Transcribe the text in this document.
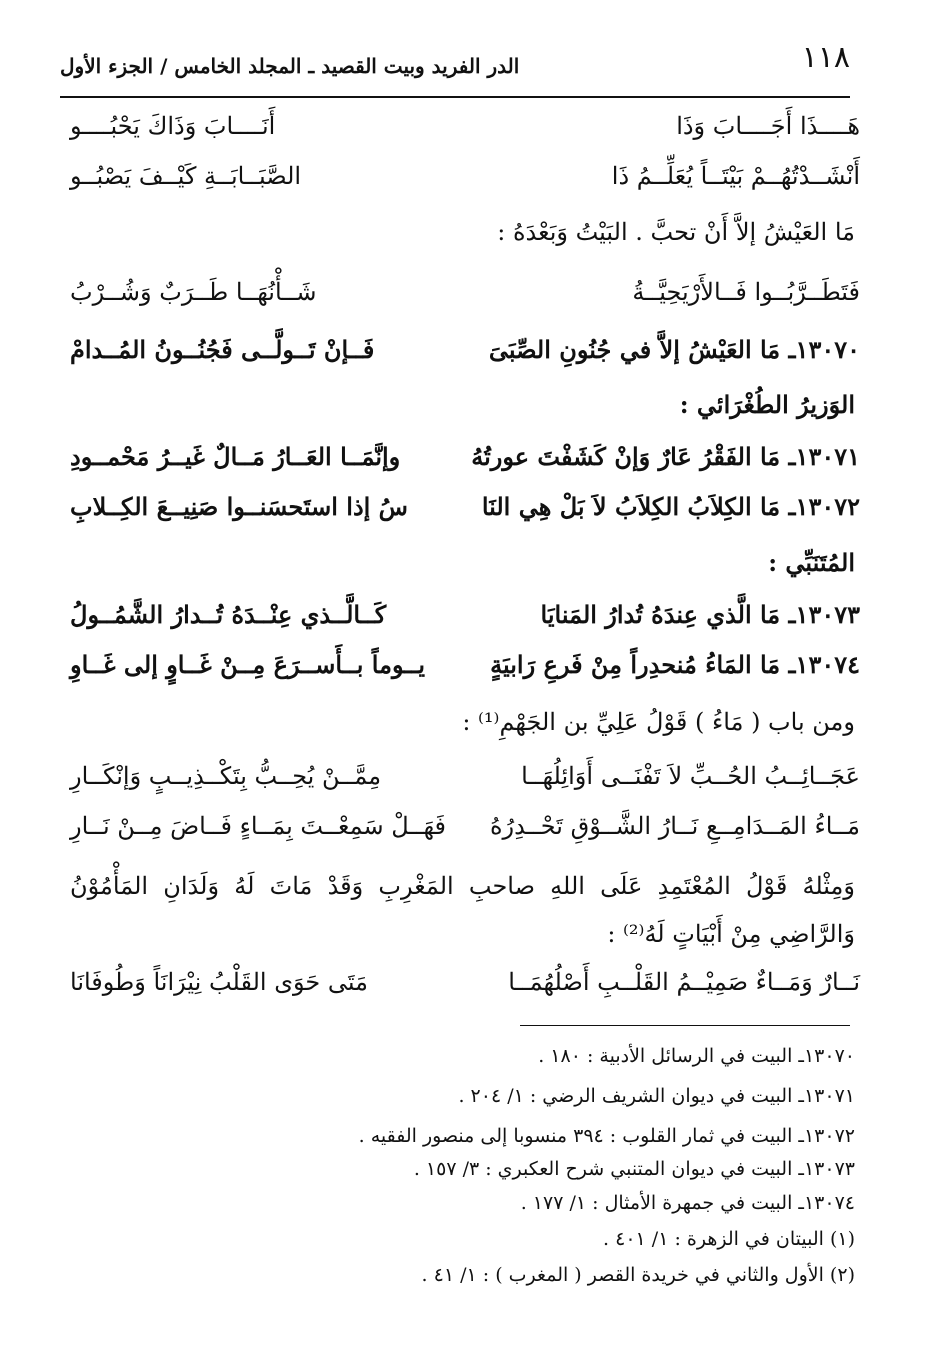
١١٨
الدر الفريد وبيت القصيد ـ المجلد الخامس / الجزء الأول
هَــــذَا أَجَــــابَ وَذَا
أَنَــــابَ وَذَاكَ يَحْبُــــو
أَنْشَــدْتُهُــمْ بَيْتَــاً يُعَلِّــمُ ذَا
الصَّبَــابَــةِ كَيْــفَ يَصْبُــو
مَا العَيْشُ إلاَّ أَنْ تحبَّ . البَيْتُ وَبَعْدَهُ :
فَتَطَــرَّبُــوا فَــالأَرْيَحِيَّــةُ
شَــأْنُهَــا طَــرَبٌ وَشُــرْبُ
١٣٠٧٠ـ مَا العَيْشُ إلاَّ في جُنُونِ الصِّبَىَ
فَــإنْ تَــولَّــى فَجُنُــونُ المُــدامْ
الوَزيرُ الطُغْرَائي :
١٣٠٧١ـ مَا الفَقْرُ عَارٌ وَإنْ كَشَفْتَ عورتُهُ
وإنَّمَــا العَــارُ مَــالٌ غَيــرُ مَحْمــودِ
١٣٠٧٢ـ مَا الكِلاَبُ الكِلاَبُ لاَ بَلْ هِي النَا
سُ إذا استَحسَنــوا صَنِيــعَ الكِــلابِ
المُتَنَبِّي :
١٣٠٧٣ـ مَا الَّذي عِندَهُ تُدارُ المَنايَا
كَــالَّــذي عِنْــدَهُ تُــدارُ الشَّمُــولُ
١٣٠٧٤ـ مَا المَاءُ مُنحدِراً مِنْ فَرعِ رَابيَةٍ
يــوماً بــأَســرَعَ مِــنْ غَــاوٍ إلى غَــاوِ
ومن باب ( مَاءُ ) قَوْلُ عَلِيِّ بن الجَهْمِ⁽¹⁾ :
عَجَــائِــبُ الحُــبِّ لاَ تَفْنَــى أَوَائِلُهَــا
مِمَّــنْ يُحِــبُّ بِتَكْــذِيــبٍ وَإنْكَــارِ
مَــاءُ المَــدَامِــعِ نَــارُ الشَّــوْقِ تَحْــدِرُهُ
فَهَــلْ سَمِعْــتَ بِمَــاءٍ فَــاضَ مِــنْ نَــارِ
وَمِثْلهُ قَوْلُ المُعْتَمِدِ عَلَى اللهِ صاحبِ المَغْرِبِ وَقَدْ مَاتَ لَهُ وَلَدَانِ المَأْمُوْنُ وَالرَّاضِي مِنْ أَبْيَاتٍ لَهُ⁽²⁾ :
نَــارٌ وَمَــاءٌ صَمِيْــمُ القَلْــبِ أَصْلُهُمَــا
مَتَى حَوَى القَلْبُ نِيْرَانَاً وَطُوفَانَا
١٣٠٧٠ـ البيت في الرسائل الأدبية : ١٨٠ .
١٣٠٧١ـ البيت في ديوان الشريف الرضي : ١/ ٢٠٤ .
١٣٠٧٢ـ البيت في ثمار القلوب : ٣٩٤ منسوبا إلى منصور الفقيه .
١٣٠٧٣ـ البيت في ديوان المتنبي شرح العكبري : ٣/ ١٥٧ .
١٣٠٧٤ـ البيت في جمهرة الأمثال : ١/ ١٧٧ .
(١) البيتان في الزهرة : ١/ ٤٠١ .
(٢) الأول والثاني في خريدة القصر ( المغرب ) : ١/ ٤١ .
